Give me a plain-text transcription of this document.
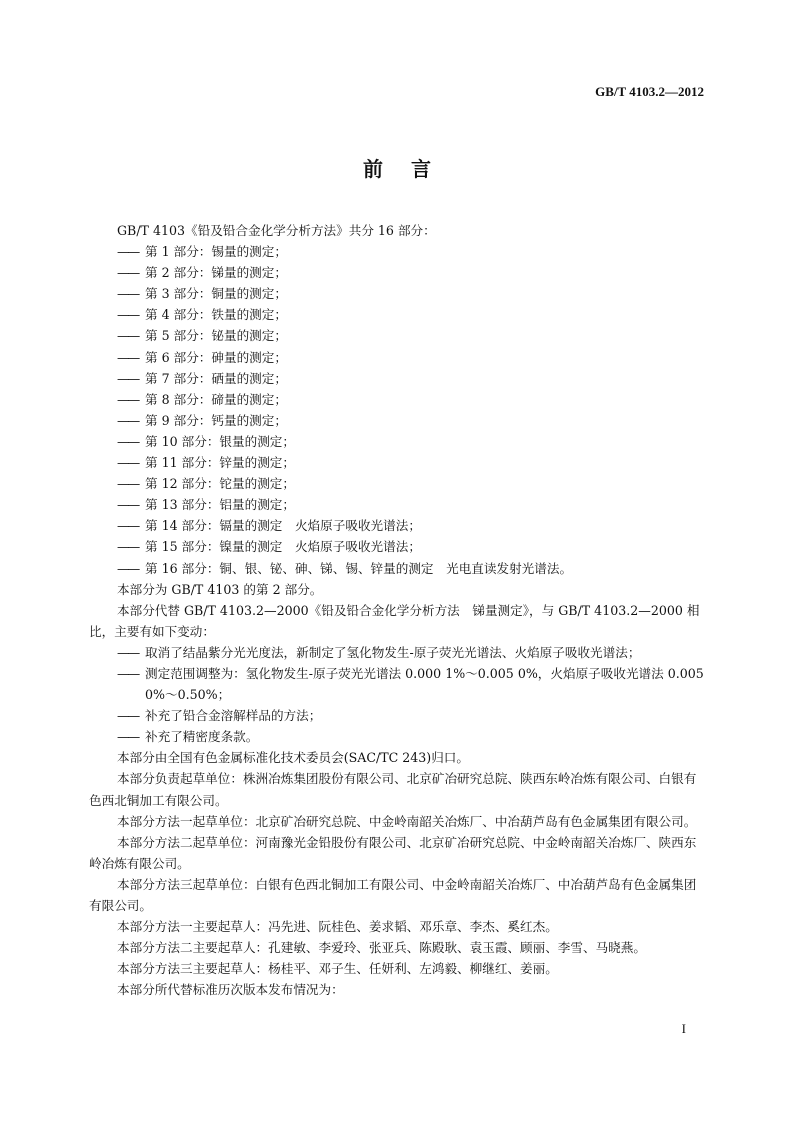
GB/T 4103.2—2012
前言

GB/T 4103《铅及铅合金化学分析方法》共分 16 部分：

—— 第 1 部分：锡量的测定；

—— 第 2 部分：锑量的测定；

—— 第 3 部分：铜量的测定；

—— 第 4 部分：铁量的测定；

—— 第 5 部分：铋量的测定；

—— 第 6 部分：砷量的测定；

—— 第 7 部分：硒量的测定；

—— 第 8 部分：碲量的测定；

—— 第 9 部分：钙量的测定；

—— 第 10 部分：银量的测定；

—— 第 11 部分：锌量的测定；

—— 第 12 部分：铊量的测定；

—— 第 13 部分：铝量的测定；

—— 第 14 部分：镉量的测定　火焰原子吸收光谱法；

—— 第 15 部分：镍量的测定　火焰原子吸收光谱法；

—— 第 16 部分：铜、银、铋、砷、锑、锡、锌量的测定　光电直读发射光谱法。

本部分为 GB/T 4103 的第 2 部分。

本部分代替 GB/T 4103.2—2000《铅及铅合金化学分析方法　锑量测定》，与 GB/T 4103.2—2000 相比，主要有如下变动：

—— 取消了结晶紫分光光度法，新制定了氢化物发生-原子荧光光谱法、火焰原子吸收光谱法；

—— 测定范围调整为：氢化物发生-原子荧光光谱法 0.000 1%～0.005 0%，火焰原子吸收光谱法 0.005 0%～0.50%；

—— 补充了铅合金溶解样品的方法；

—— 补充了精密度条款。

本部分由全国有色金属标准化技术委员会(SAC/TC 243)归口。

本部分负责起草单位：株洲冶炼集团股份有限公司、北京矿冶研究总院、陕西东岭冶炼有限公司、白银有色西北铜加工有限公司。

本部分方法一起草单位：北京矿冶研究总院、中金岭南韶关冶炼厂、中冶葫芦岛有色金属集团有限公司。

本部分方法二起草单位：河南豫光金铅股份有限公司、北京矿冶研究总院、中金岭南韶关冶炼厂、陕西东岭冶炼有限公司。

本部分方法三起草单位：白银有色西北铜加工有限公司、中金岭南韶关冶炼厂、中冶葫芦岛有色金属集团有限公司。

本部分方法一主要起草人：冯先进、阮桂色、姜求韬、邓乐章、李杰、奚红杰。

本部分方法二主要起草人：孔建敏、李爱玲、张亚兵、陈殿耿、袁玉霞、顾丽、李雪、马晓燕。

本部分方法三主要起草人：杨桂平、邓子生、任妍利、左鸿毅、柳继红、姜丽。

本部分所代替标准历次版本发布情况为：

I
